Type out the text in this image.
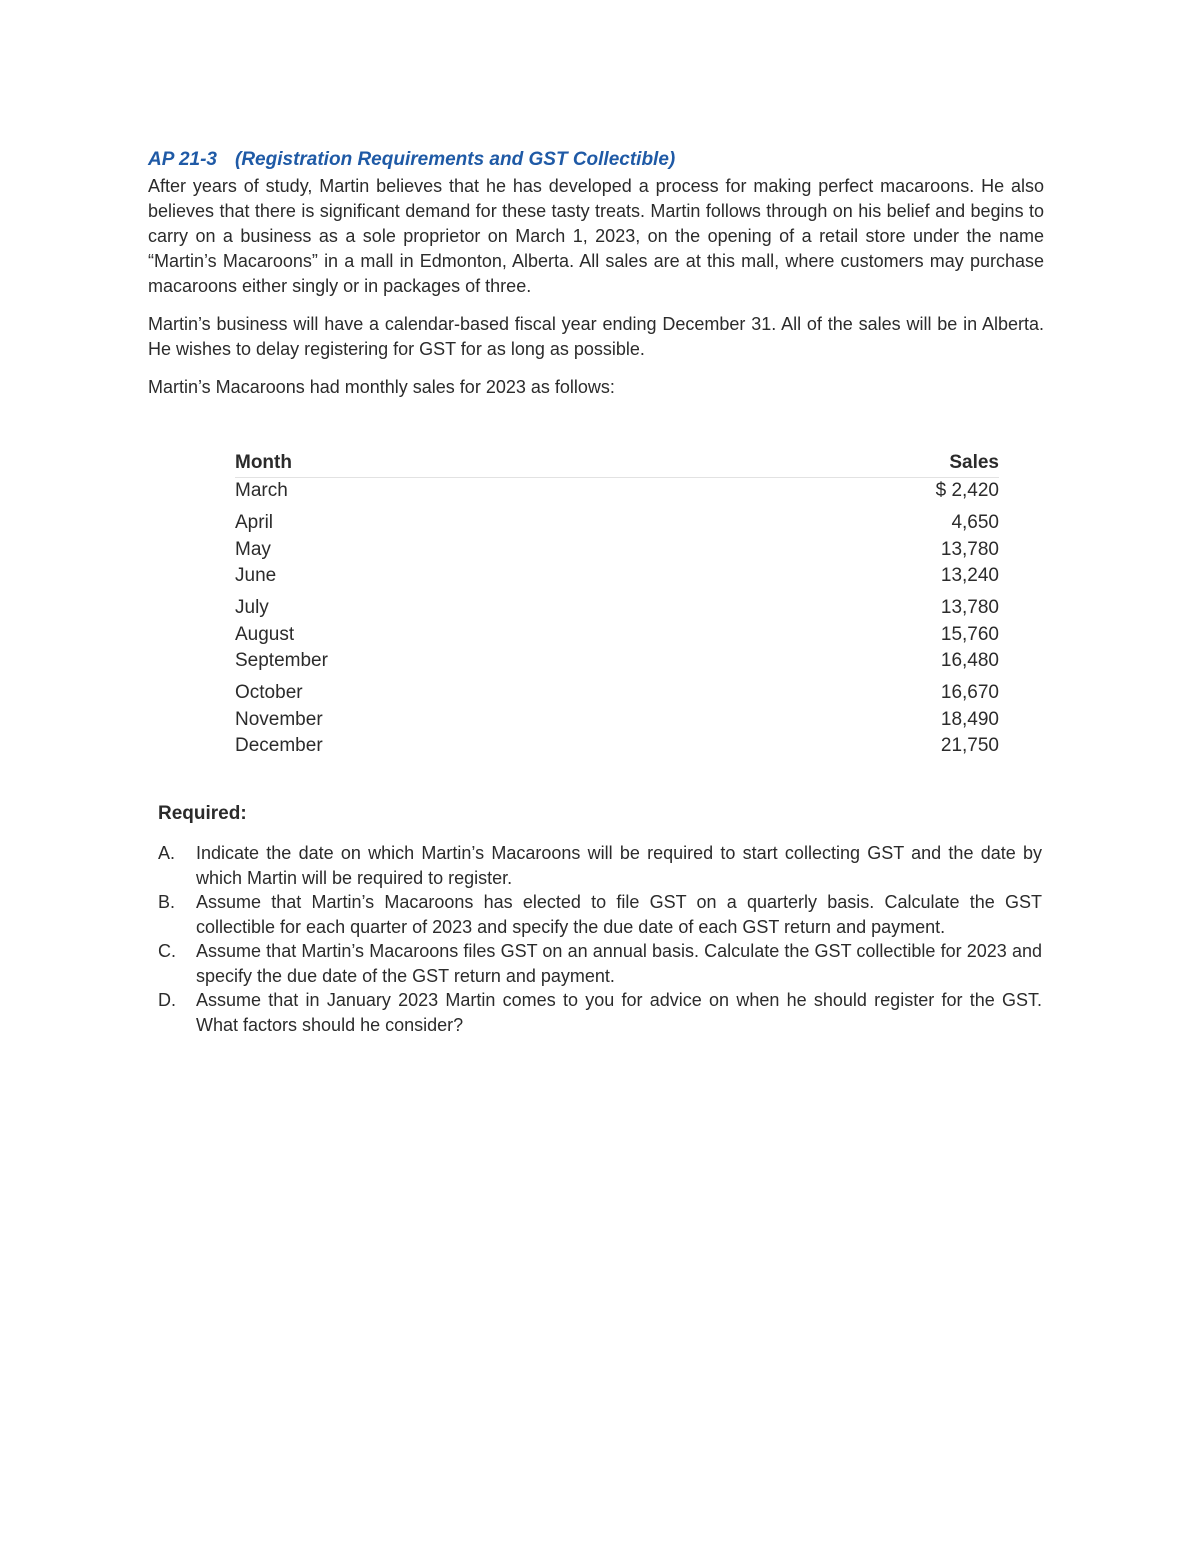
AP 21-3 (Registration Requirements and GST Collectible)

After years of study, Martin believes that he has developed a process for making perfect macaroons. He also believes that there is significant demand for these tasty treats. Martin follows through on his belief and begins to carry on a business as a sole proprietor on March 1, 2023, on the opening of a retail store under the name “Martin’s Macaroons” in a mall in Edmonton, Alberta. All sales are at this mall, where customers may purchase macaroons either singly or in packages of three.

Martin’s business will have a calendar-based fiscal year ending December 31. All of the sales will be in Alberta. He wishes to delay registering for GST for as long as possible.

Martin’s Macaroons had monthly sales for 2023 as follows:

Month	Sales
March	$ 2,420
April	4,650
May	13,780
June	13,240
July	13,780
August	15,760
September	16,480
October	16,670
November	18,490
December	21,750
Required:
A.	Indicate the date on which Martin’s Macaroons will be required to start collecting GST and the date by which Martin will be required to register.
B.	Assume that Martin’s Macaroons has elected to file GST on a quarterly basis. Calculate the GST collectible for each quarter of 2023 and specify the due date of each GST return and payment.
C.	Assume that Martin’s Macaroons files GST on an annual basis. Calculate the GST collectible for 2023 and specify the due date of the GST return and payment.
D.	Assume that in January 2023 Martin comes to you for advice on when he should register for the GST. What factors should he consider?
